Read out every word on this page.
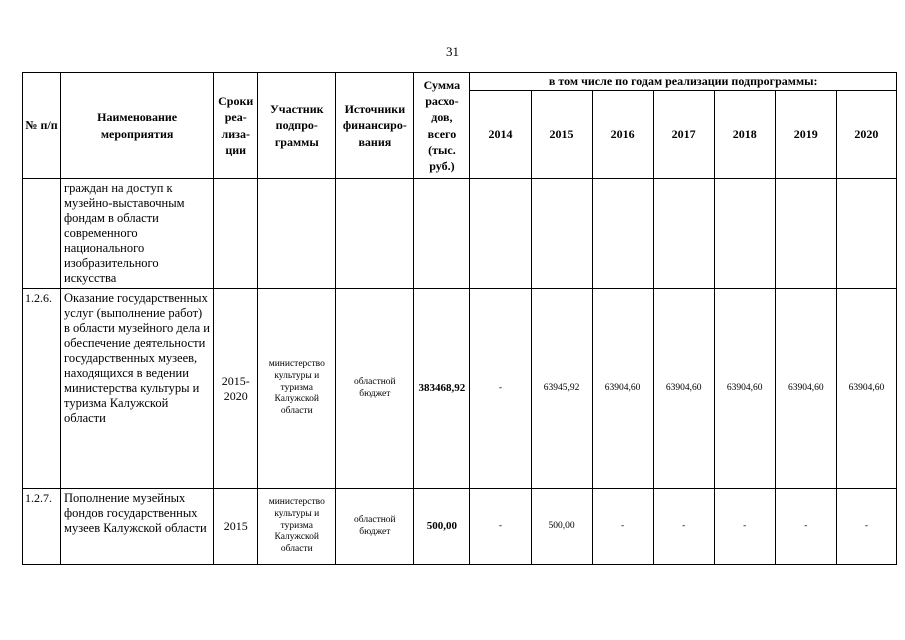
31
№ п/п	Наименование мероприятия	Сроки реа-лиза-ции	Участник подпро-граммы	Источники финансиро-вания	Сумма расхо-дов, всего (тыс. руб.)	в том числе по годам реализации подпрограммы:						
						2014	2015	2016	2017	2018	2019	2020
	граждан на доступ к музейно-выставочным фондам в области современного национального изобразительного искусства											
1.2.6.	Оказание государственных услуг (выполнение работ) в области музейного дела и обеспечение деятельности государственных музеев, находящихся в ведении министерства культуры и туризма Калужской области	2015-2020	министерство культуры и туризма Калужской области	областной бюджет	383468,92	-	63945,92	63904,60	63904,60	63904,60	63904,60	63904,60
1.2.7.	Пополнение музейных фондов государственных музеев Калужской области	2015	министерство культуры и туризма Калужской области	областной бюджет	500,00	-	500,00	-	-	-	-	-
